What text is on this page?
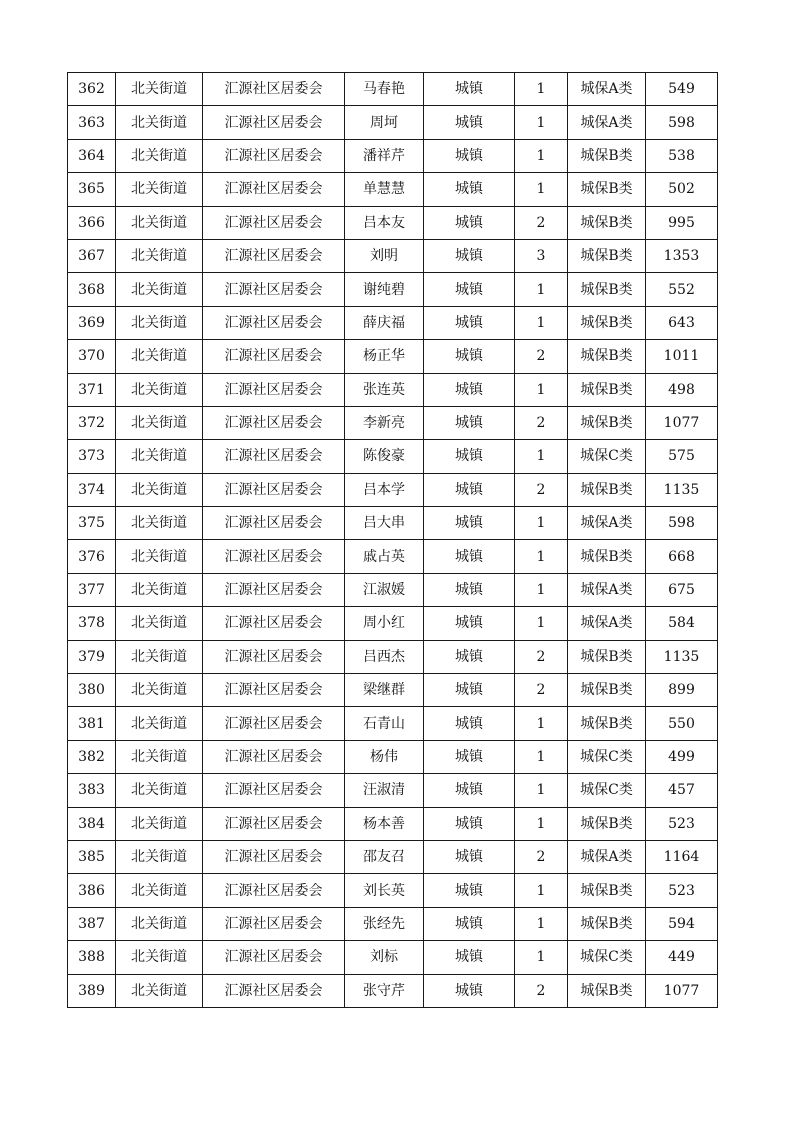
362	北关街道	汇源社区居委会	马春艳	城镇	1	城保A类	549
363	北关街道	汇源社区居委会	周坷	城镇	1	城保A类	598
364	北关街道	汇源社区居委会	潘祥芹	城镇	1	城保B类	538
365	北关街道	汇源社区居委会	单慧慧	城镇	1	城保B类	502
366	北关街道	汇源社区居委会	吕本友	城镇	2	城保B类	995
367	北关街道	汇源社区居委会	刘明	城镇	3	城保B类	1353
368	北关街道	汇源社区居委会	谢纯碧	城镇	1	城保B类	552
369	北关街道	汇源社区居委会	薛庆福	城镇	1	城保B类	643
370	北关街道	汇源社区居委会	杨正华	城镇	2	城保B类	1011
371	北关街道	汇源社区居委会	张连英	城镇	1	城保B类	498
372	北关街道	汇源社区居委会	李新亮	城镇	2	城保B类	1077
373	北关街道	汇源社区居委会	陈俊豪	城镇	1	城保C类	575
374	北关街道	汇源社区居委会	吕本学	城镇	2	城保B类	1135
375	北关街道	汇源社区居委会	吕大串	城镇	1	城保A类	598
376	北关街道	汇源社区居委会	戚占英	城镇	1	城保B类	668
377	北关街道	汇源社区居委会	江淑媛	城镇	1	城保A类	675
378	北关街道	汇源社区居委会	周小红	城镇	1	城保A类	584
379	北关街道	汇源社区居委会	吕西杰	城镇	2	城保B类	1135
380	北关街道	汇源社区居委会	梁继群	城镇	2	城保B类	899
381	北关街道	汇源社区居委会	石青山	城镇	1	城保B类	550
382	北关街道	汇源社区居委会	杨伟	城镇	1	城保C类	499
383	北关街道	汇源社区居委会	汪淑清	城镇	1	城保C类	457
384	北关街道	汇源社区居委会	杨本善	城镇	1	城保B类	523
385	北关街道	汇源社区居委会	邵友召	城镇	2	城保A类	1164
386	北关街道	汇源社区居委会	刘长英	城镇	1	城保B类	523
387	北关街道	汇源社区居委会	张经先	城镇	1	城保B类	594
388	北关街道	汇源社区居委会	刘标	城镇	1	城保C类	449
389	北关街道	汇源社区居委会	张守芹	城镇	2	城保B类	1077
